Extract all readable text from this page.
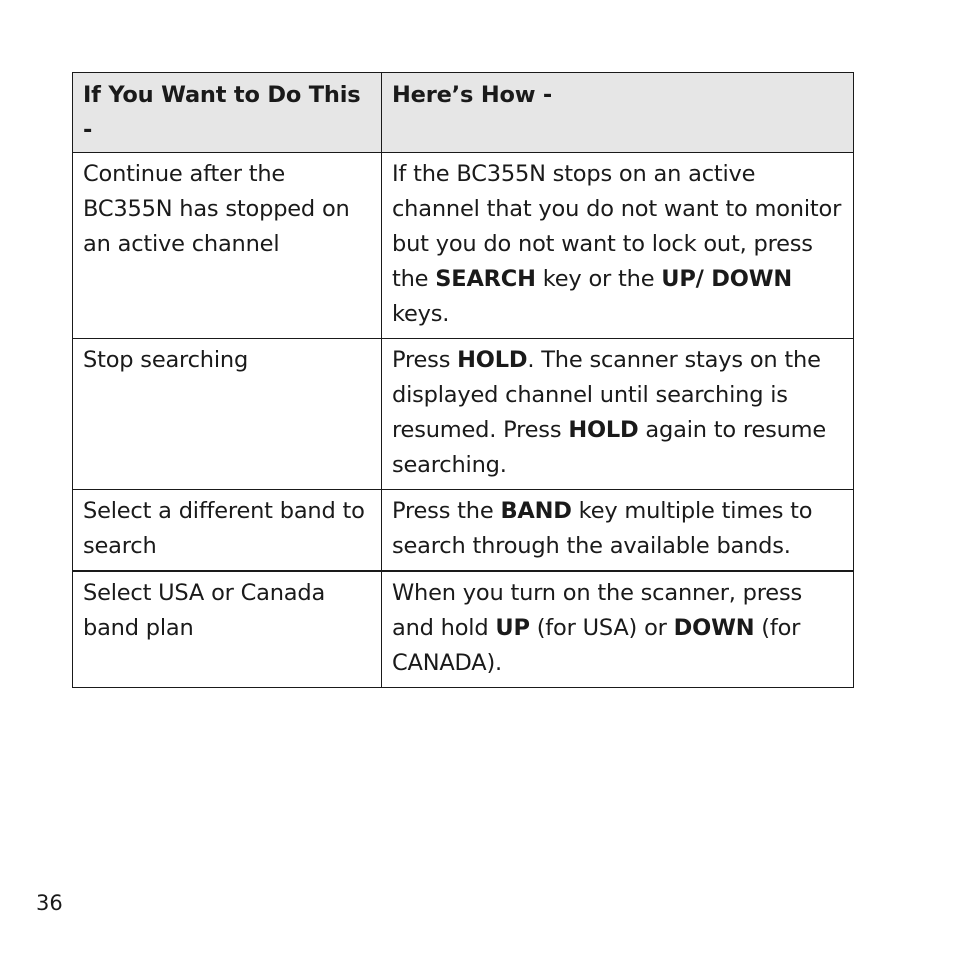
If You Want to Do This -	Here’s How -
Continue after the BC355N has stopped on an active channel	If the BC355N stops on an active channel that you do not want to monitor but you do not want to lock out, press the SEARCH key or the UP/ DOWN keys.
Stop searching	Press HOLD. The scanner stays on the displayed channel until searching is resumed. Press HOLD again to resume searching.
Select a different band to search	Press the BAND key multiple times to search through the available bands.
Select USA or Canada band plan	When you turn on the scanner, press and hold UP (for USA) or DOWN (for CANADA).
36
